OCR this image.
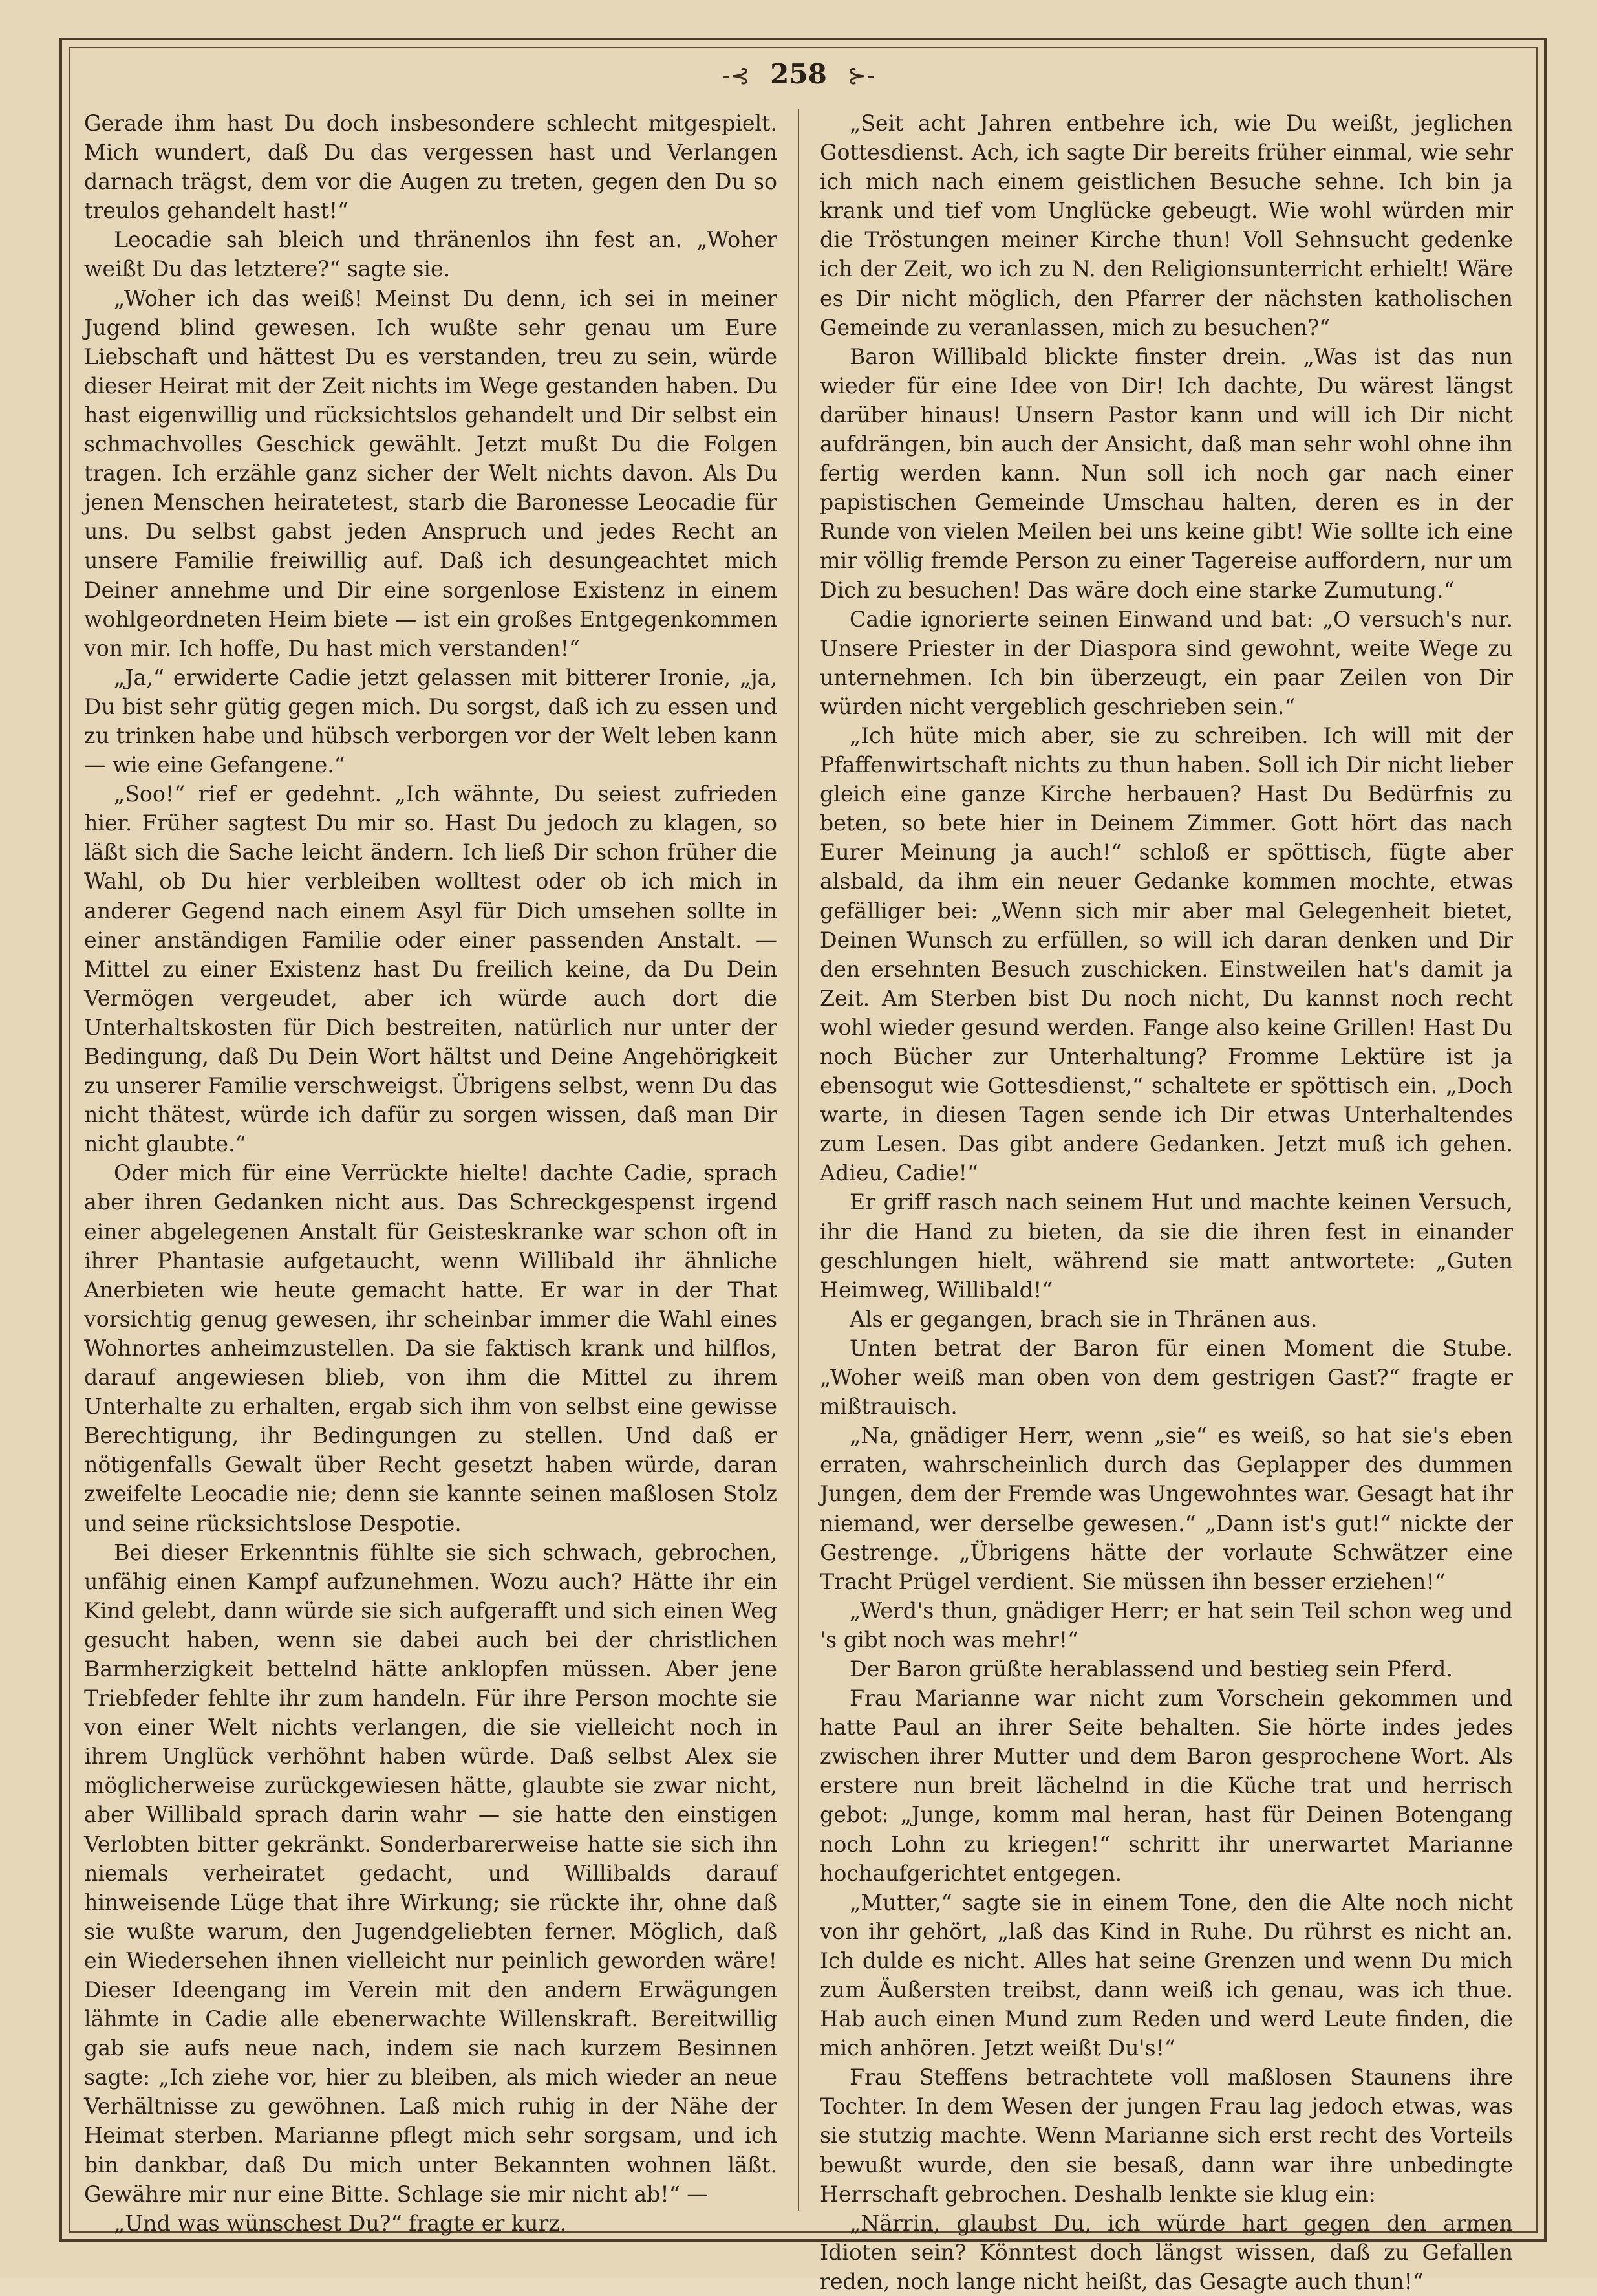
-⊰ 258 ⊱-

Gerade ihm hast Du doch insbesondere schlecht mitgespielt. Mich wundert, daß Du das vergessen hast und Verlangen darnach trägst, dem vor die Augen zu treten, gegen den Du so treulos gehandelt hast!“

Leocadie sah bleich und thränenlos ihn fest an. „Woher weißt Du das letztere?“ sagte sie.

„Woher ich das weiß! Meinst Du denn, ich sei in meiner Jugend blind gewesen. Ich wußte sehr genau um Eure Liebschaft und hättest Du es verstanden, treu zu sein, würde dieser Heirat mit der Zeit nichts im Wege gestanden haben. Du hast eigenwillig und rücksichtslos gehandelt und Dir selbst ein schmachvolles Geschick gewählt. Jetzt mußt Du die Folgen tragen. Ich erzähle ganz sicher der Welt nichts davon. Als Du jenen Menschen heiratetest, starb die Baronesse Leocadie für uns. Du selbst gabst jeden Anspruch und jedes Recht an unsere Familie freiwillig auf. Daß ich desungeachtet mich Deiner annehme und Dir eine sorgenlose Existenz in einem wohlgeordneten Heim biete — ist ein großes Entgegenkommen von mir. Ich hoffe, Du hast mich verstanden!“

„Ja,“ erwiderte Cadie jetzt gelassen mit bitterer Ironie, „ja, Du bist sehr gütig gegen mich. Du sorgst, daß ich zu essen und zu trinken habe und hübsch verborgen vor der Welt leben kann — wie eine Gefangene.“

„Soo!“ rief er gedehnt. „Ich wähnte, Du seiest zufrieden hier. Früher sagtest Du mir so. Hast Du jedoch zu klagen, so läßt sich die Sache leicht ändern. Ich ließ Dir schon früher die Wahl, ob Du hier verbleiben wolltest oder ob ich mich in anderer Gegend nach einem Asyl für Dich umsehen sollte in einer anständigen Familie oder einer passenden Anstalt. — Mittel zu einer Existenz hast Du freilich keine, da Du Dein Vermögen vergeudet, aber ich würde auch dort die Unterhaltskosten für Dich bestreiten, natürlich nur unter der Bedingung, daß Du Dein Wort hältst und Deine Angehörigkeit zu unserer Familie verschweigst. Übrigens selbst, wenn Du das nicht thätest, würde ich dafür zu sorgen wissen, daß man Dir nicht glaubte.“

Oder mich für eine Verrückte hielte! dachte Cadie, sprach aber ihren Gedanken nicht aus. Das Schreckgespenst irgend einer abgelegenen Anstalt für Geisteskranke war schon oft in ihrer Phantasie aufgetaucht, wenn Willibald ihr ähnliche Anerbieten wie heute gemacht hatte. Er war in der That vorsichtig genug gewesen, ihr scheinbar immer die Wahl eines Wohnortes anheimzustellen. Da sie faktisch krank und hilflos, darauf angewiesen blieb, von ihm die Mittel zu ihrem Unterhalte zu erhalten, ergab sich ihm von selbst eine gewisse Berechtigung, ihr Bedingungen zu stellen. Und daß er nötigenfalls Gewalt über Recht gesetzt haben würde, daran zweifelte Leocadie nie; denn sie kannte seinen maßlosen Stolz und seine rücksichtslose Despotie.

Bei dieser Erkenntnis fühlte sie sich schwach, gebrochen, unfähig einen Kampf aufzunehmen. Wozu auch? Hätte ihr ein Kind gelebt, dann würde sie sich aufgerafft und sich einen Weg gesucht haben, wenn sie dabei auch bei der christlichen Barmherzigkeit bettelnd hätte anklopfen müssen. Aber jene Triebfeder fehlte ihr zum handeln. Für ihre Person mochte sie von einer Welt nichts verlangen, die sie vielleicht noch in ihrem Unglück verhöhnt haben würde. Daß selbst Alex sie möglicherweise zurückgewiesen hätte, glaubte sie zwar nicht, aber Willibald sprach darin wahr — sie hatte den einstigen Verlobten bitter gekränkt. Sonderbarerweise hatte sie sich ihn niemals verheiratet gedacht, und Willibalds darauf hinweisende Lüge that ihre Wirkung; sie rückte ihr, ohne daß sie wußte warum, den Jugendgeliebten ferner. Möglich, daß ein Wiedersehen ihnen vielleicht nur peinlich geworden wäre! Dieser Ideengang im Verein mit den andern Erwägungen lähmte in Cadie alle ebenerwachte Willenskraft. Bereitwillig gab sie aufs neue nach, indem sie nach kurzem Besinnen sagte: „Ich ziehe vor, hier zu bleiben, als mich wieder an neue Verhältnisse zu gewöhnen. Laß mich ruhig in der Nähe der Heimat sterben. Marianne pflegt mich sehr sorgsam, und ich bin dankbar, daß Du mich unter Bekannten wohnen läßt. Gewähre mir nur eine Bitte. Schlage sie mir nicht ab!“ —

„Und was wünschest Du?“ fragte er kurz.

„Seit acht Jahren entbehre ich, wie Du weißt, jeglichen Gottesdienst. Ach, ich sagte Dir bereits früher einmal, wie sehr ich mich nach einem geistlichen Besuche sehne. Ich bin ja krank und tief vom Unglücke gebeugt. Wie wohl würden mir die Tröstungen meiner Kirche thun! Voll Sehnsucht gedenke ich der Zeit, wo ich zu N. den Religionsunterricht erhielt! Wäre es Dir nicht möglich, den Pfarrer der nächsten katholischen Gemeinde zu veranlassen, mich zu besuchen?“

Baron Willibald blickte finster drein. „Was ist das nun wieder für eine Idee von Dir! Ich dachte, Du wärest längst darüber hinaus! Unsern Pastor kann und will ich Dir nicht aufdrängen, bin auch der Ansicht, daß man sehr wohl ohne ihn fertig werden kann. Nun soll ich noch gar nach einer papistischen Gemeinde Umschau halten, deren es in der Runde von vielen Meilen bei uns keine gibt! Wie sollte ich eine mir völlig fremde Person zu einer Tagereise auffordern, nur um Dich zu besuchen! Das wäre doch eine starke Zumutung.“

Cadie ignorierte seinen Einwand und bat: „O versuch's nur. Unsere Priester in der Diaspora sind gewohnt, weite Wege zu unternehmen. Ich bin überzeugt, ein paar Zeilen von Dir würden nicht vergeblich geschrieben sein.“

„Ich hüte mich aber, sie zu schreiben. Ich will mit der Pfaffenwirtschaft nichts zu thun haben. Soll ich Dir nicht lieber gleich eine ganze Kirche herbauen? Hast Du Bedürfnis zu beten, so bete hier in Deinem Zimmer. Gott hört das nach Eurer Meinung ja auch!“ schloß er spöttisch, fügte aber alsbald, da ihm ein neuer Gedanke kommen mochte, etwas gefälliger bei: „Wenn sich mir aber mal Gelegenheit bietet, Deinen Wunsch zu erfüllen, so will ich daran denken und Dir den ersehnten Besuch zuschicken. Einstweilen hat's damit ja Zeit. Am Sterben bist Du noch nicht, Du kannst noch recht wohl wieder gesund werden. Fange also keine Grillen! Hast Du noch Bücher zur Unterhaltung? Fromme Lektüre ist ja ebensogut wie Gottesdienst,“ schaltete er spöttisch ein. „Doch warte, in diesen Tagen sende ich Dir etwas Unterhaltendes zum Lesen. Das gibt andere Gedanken. Jetzt muß ich gehen. Adieu, Cadie!“

Er griff rasch nach seinem Hut und machte keinen Versuch, ihr die Hand zu bieten, da sie die ihren fest in einander geschlungen hielt, während sie matt antwortete: „Guten Heimweg, Willibald!“

Als er gegangen, brach sie in Thränen aus.

Unten betrat der Baron für einen Moment die Stube. „Woher weiß man oben von dem gestrigen Gast?“ fragte er mißtrauisch.

„Na, gnädiger Herr, wenn „sie“ es weiß, so hat sie's eben erraten, wahrscheinlich durch das Geplapper des dummen Jungen, dem der Fremde was Ungewohntes war. Gesagt hat ihr niemand, wer derselbe gewesen.“ „Dann ist's gut!“ nickte der Gestrenge. „Übrigens hätte der vorlaute Schwätzer eine Tracht Prügel verdient. Sie müssen ihn besser erziehen!“

„Werd's thun, gnädiger Herr; er hat sein Teil schon weg und 's gibt noch was mehr!“

Der Baron grüßte herablassend und bestieg sein Pferd.

Frau Marianne war nicht zum Vorschein gekommen und hatte Paul an ihrer Seite behalten. Sie hörte indes jedes zwischen ihrer Mutter und dem Baron gesprochene Wort. Als erstere nun breit lächelnd in die Küche trat und herrisch gebot: „Junge, komm mal heran, hast für Deinen Botengang noch Lohn zu kriegen!“ schritt ihr unerwartet Marianne hochaufgerichtet entgegen.

„Mutter,“ sagte sie in einem Tone, den die Alte noch nicht von ihr gehört, „laß das Kind in Ruhe. Du rührst es nicht an. Ich dulde es nicht. Alles hat seine Grenzen und wenn Du mich zum Äußersten treibst, dann weiß ich genau, was ich thue. Hab auch einen Mund zum Reden und werd Leute finden, die mich anhören. Jetzt weißt Du's!“

Frau Steffens betrachtete voll maßlosen Staunens ihre Tochter. In dem Wesen der jungen Frau lag jedoch etwas, was sie stutzig machte. Wenn Marianne sich erst recht des Vorteils bewußt wurde, den sie besaß, dann war ihre unbedingte Herrschaft gebrochen. Deshalb lenkte sie klug ein:

„Närrin, glaubst Du, ich würde hart gegen den armen Idioten sein? Könntest doch längst wissen, daß zu Gefallen reden, noch lange nicht heißt, das Gesagte auch thun!“
